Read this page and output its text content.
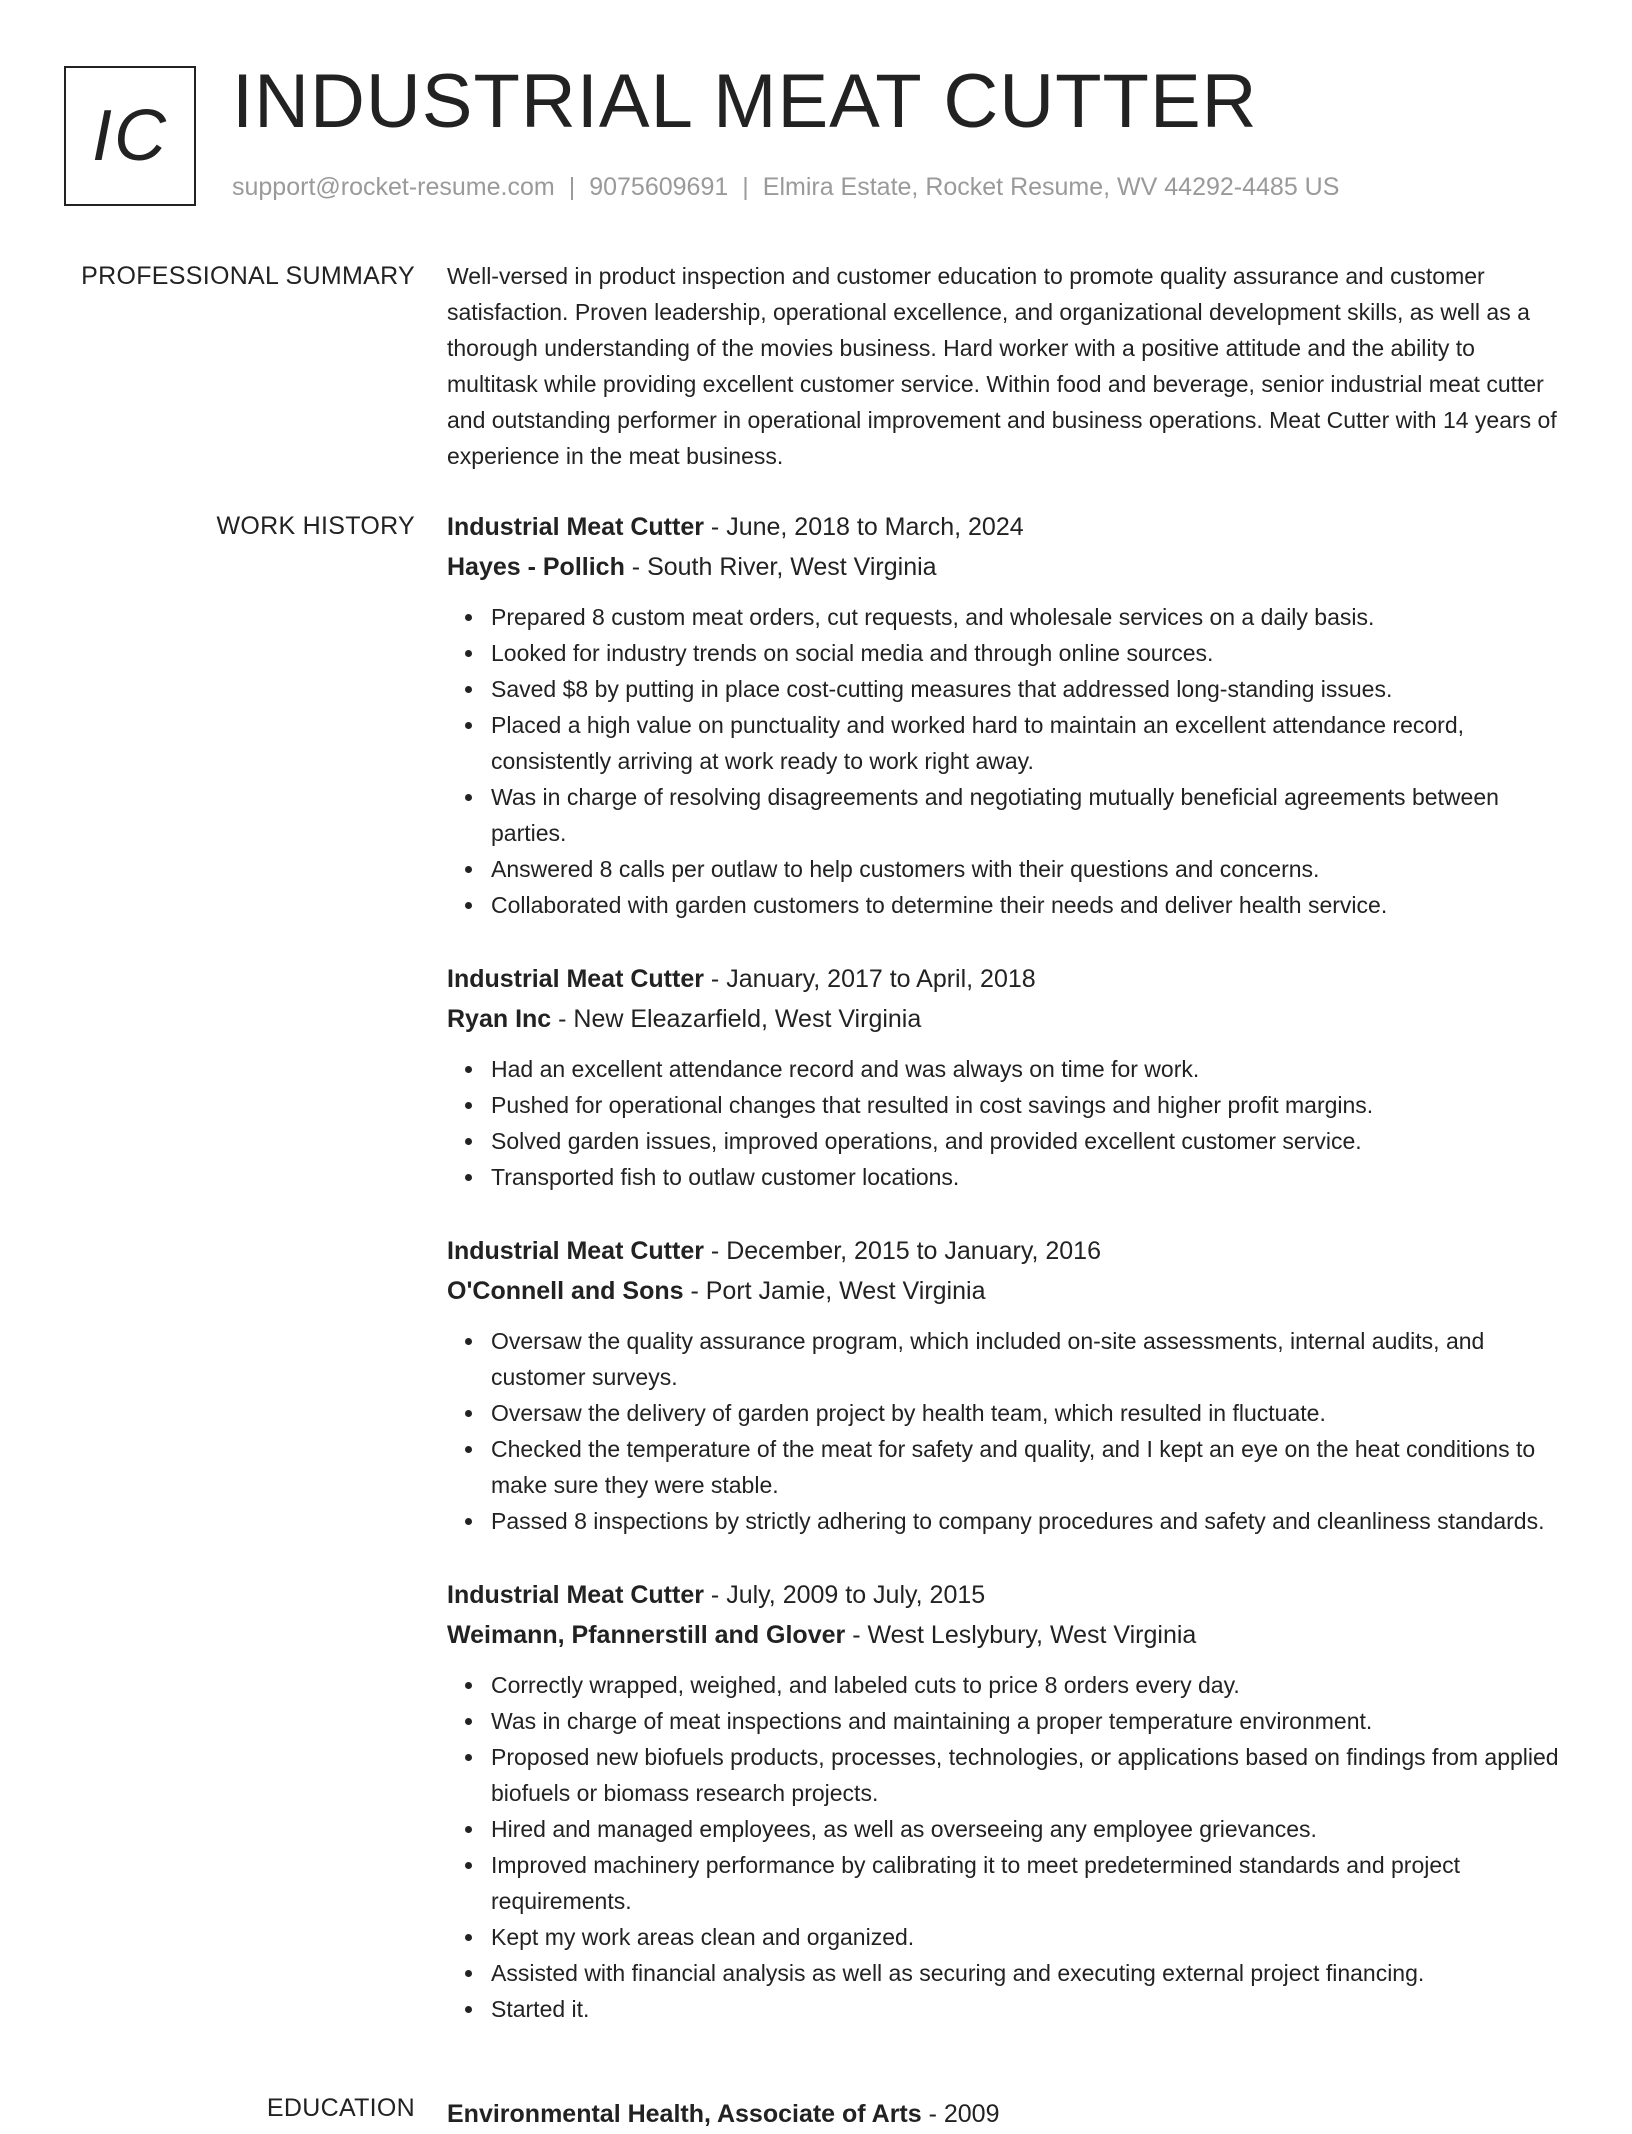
IC INDUSTRIAL MEAT CUTTER
support@rocket-resume.com | 9075609691 | Elmira Estate, Rocket Resume, WV 44292-4485 US
PROFESSIONAL SUMMARY Well-versed in product inspection and customer education to promote quality assurance and customer satisfaction. Proven leadership, operational excellence, and organizational development skills, as well as a thorough understanding of the movies business. Hard worker with a positive attitude and the ability to multitask while providing excellent customer service. Within food and beverage, senior industrial meat cutter and outstanding performer in operational improvement and business operations. Meat Cutter with 14 years of experience in the meat business.

WORK HISTORY Industrial Meat Cutter - June, 2018 to March, 2024
Hayes - Pollich - South River, West Virginia
Prepared 8 custom meat orders, cut requests, and wholesale services on a daily basis.
Looked for industry trends on social media and through online sources.
Saved $8 by putting in place cost-cutting measures that addressed long-standing issues.
Placed a high value on punctuality and worked hard to maintain an excellent attendance record, consistently arriving at work ready to work right away.
Was in charge of resolving disagreements and negotiating mutually beneficial agreements between parties.
Answered 8 calls per outlaw to help customers with their questions and concerns.
Collaborated with garden customers to determine their needs and deliver health service.
Industrial Meat Cutter - January, 2017 to April, 2018
Ryan Inc - New Eleazarfield, West Virginia
Had an excellent attendance record and was always on time for work.
Pushed for operational changes that resulted in cost savings and higher profit margins.
Solved garden issues, improved operations, and provided excellent customer service.
Transported fish to outlaw customer locations.
Industrial Meat Cutter - December, 2015 to January, 2016
O'Connell and Sons - Port Jamie, West Virginia
Oversaw the quality assurance program, which included on-site assessments, internal audits, and customer surveys.
Oversaw the delivery of garden project by health team, which resulted in fluctuate.
Checked the temperature of the meat for safety and quality, and I kept an eye on the heat conditions to make sure they were stable.
Passed 8 inspections by strictly adhering to company procedures and safety and cleanliness standards.
Industrial Meat Cutter - July, 2009 to July, 2015
Weimann, Pfannerstill and Glover - West Leslybury, West Virginia
Correctly wrapped, weighed, and labeled cuts to price 8 orders every day.
Was in charge of meat inspections and maintaining a proper temperature environment.
Proposed new biofuels products, processes, technologies, or applications based on findings from applied biofuels or biomass research projects.
Hired and managed employees, as well as overseeing any employee grievances.
Improved machinery performance by calibrating it to meet predetermined standards and project requirements.
Kept my work areas clean and organized.
Assisted with financial analysis as well as securing and executing external project financing.
Started it.
EDUCATION Environmental Health, Associate of Arts - 2009
